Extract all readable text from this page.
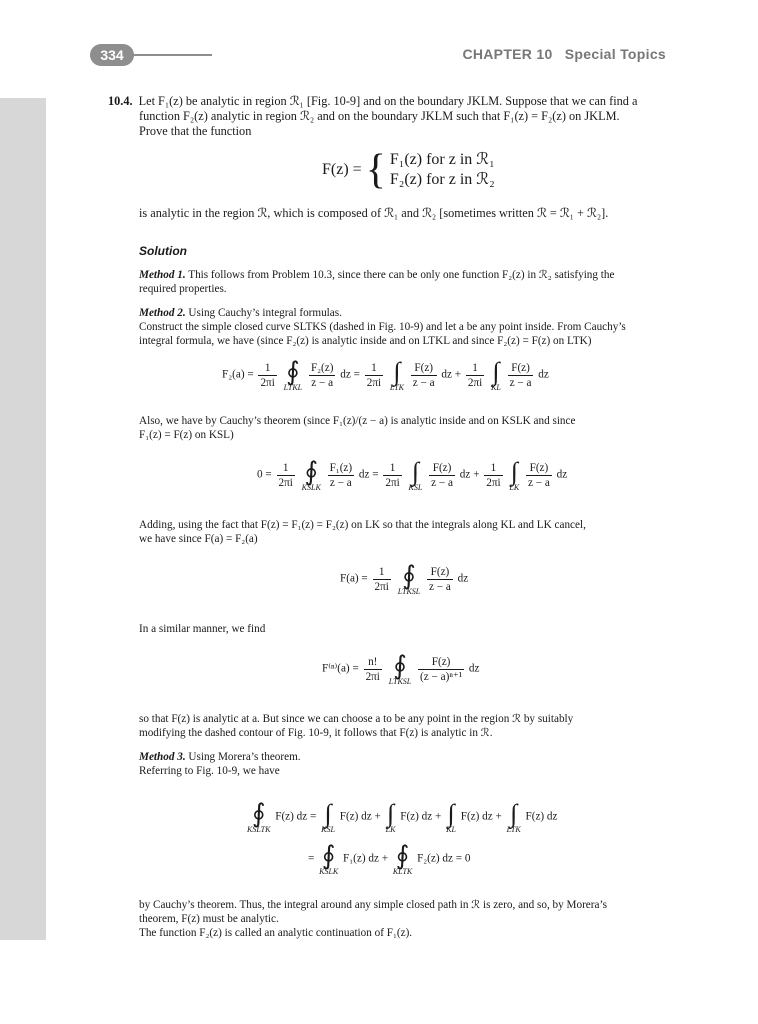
334	CHAPTER 10 Special Topics

10.4. Let F₁(z) be analytic in region ℛ₁ [Fig. 10-9] and on the boundary JKLM. Suppose that we can find a

function F₂(z) analytic in region ℛ₂ and on the boundary JKLM such that F₁(z) = F₂(z) on JKLM.

Prove that the function

F(z) = { F₁(z) for z in ℛ₁
F₂(z) for z in ℛ₂

is analytic in the region ℛ, which is composed of ℛ₁ and ℛ₂ [sometimes written ℛ = ℛ₁ + ℛ₂].

Solution

Method 1. This follows from Problem 10.3, since there can be only one function F₂(z) in ℛ₂ satisfying the

required properties.

Method 2. Using Cauchy’s integral formulas.

Construct the simple closed curve SLTKS (dashed in Fig. 10-9) and let a be any point inside. From Cauchy’s

integral formula, we have (since F₂(z) is analytic inside and on LTKL and since F₂(z) = F(z) on LTK)

$F_2(a) = \frac{1}{2\pi i}$
∮
LTKL
$\frac{\text{F₂(z)}}{z - a}$ dz = $\frac{1}{2\pi i}$
∫
LTK
$\frac{F(z)}{z - a}$ dz + $\frac{1}{2\pi i}$
∫
KL
$\frac{F(z)}{z - a}$ dz

Also, we have by Cauchy’s theorem (since F₁(z)/(z − a) is analytic inside and on KSLK and since

F₁(z) = F(z) on KSL)

$0 = \frac{1}{2\pi i}$
∮
KSLK
$\frac{\text{F₁(z)}}{z - a}$ dz = $\frac{1}{2\pi i}$
∫
KSL
$\frac{F(z)}{z - a}$ dz + $\frac{1}{2\pi i}$
∫
LK
$\frac{F(z)}{z - a}$ dz

Adding, using the fact that F(z) = F₁(z) = F₂(z) on LK so that the integrals along KL and LK cancel,

we have since F(a) = F₂(a)

$F(a) = \frac{1}{2\pi i}$
∮
LTKSL
$\frac{F(z)}{z - a}$ dz

In a similar manner, we find

$F^{(n)}(a) = \frac{n!}{2\pi i}$
∮
LTKSL
$\frac{F(z)}{\text{(z − a)ⁿ⁺¹}}$ dz

so that F(z) is analytic at a. But since we can choose a to be any point in the region ℛ by suitably

modifying the dashed contour of Fig. 10-9, it follows that F(z) is analytic in ℛ.

Method 3. Using Morera’s theorem.

Referring to Fig. 10-9, we have

∮
KSLTK
F(z) dz = ∫
KSL
F(z) dz + ∫
LK
F(z) dz + ∫
KL
F(z) dz + ∫
LTK
F(z) dz
= ∮
KSLK
F₁(z) dz + ∮
KLTK
F₂(z) dz = 0

by Cauchy’s theorem. Thus, the integral around any simple closed path in ℛ is zero, and so, by Morera’s

theorem, F(z) must be analytic.

The function F₂(z) is called an analytic continuation of F₁(z).
